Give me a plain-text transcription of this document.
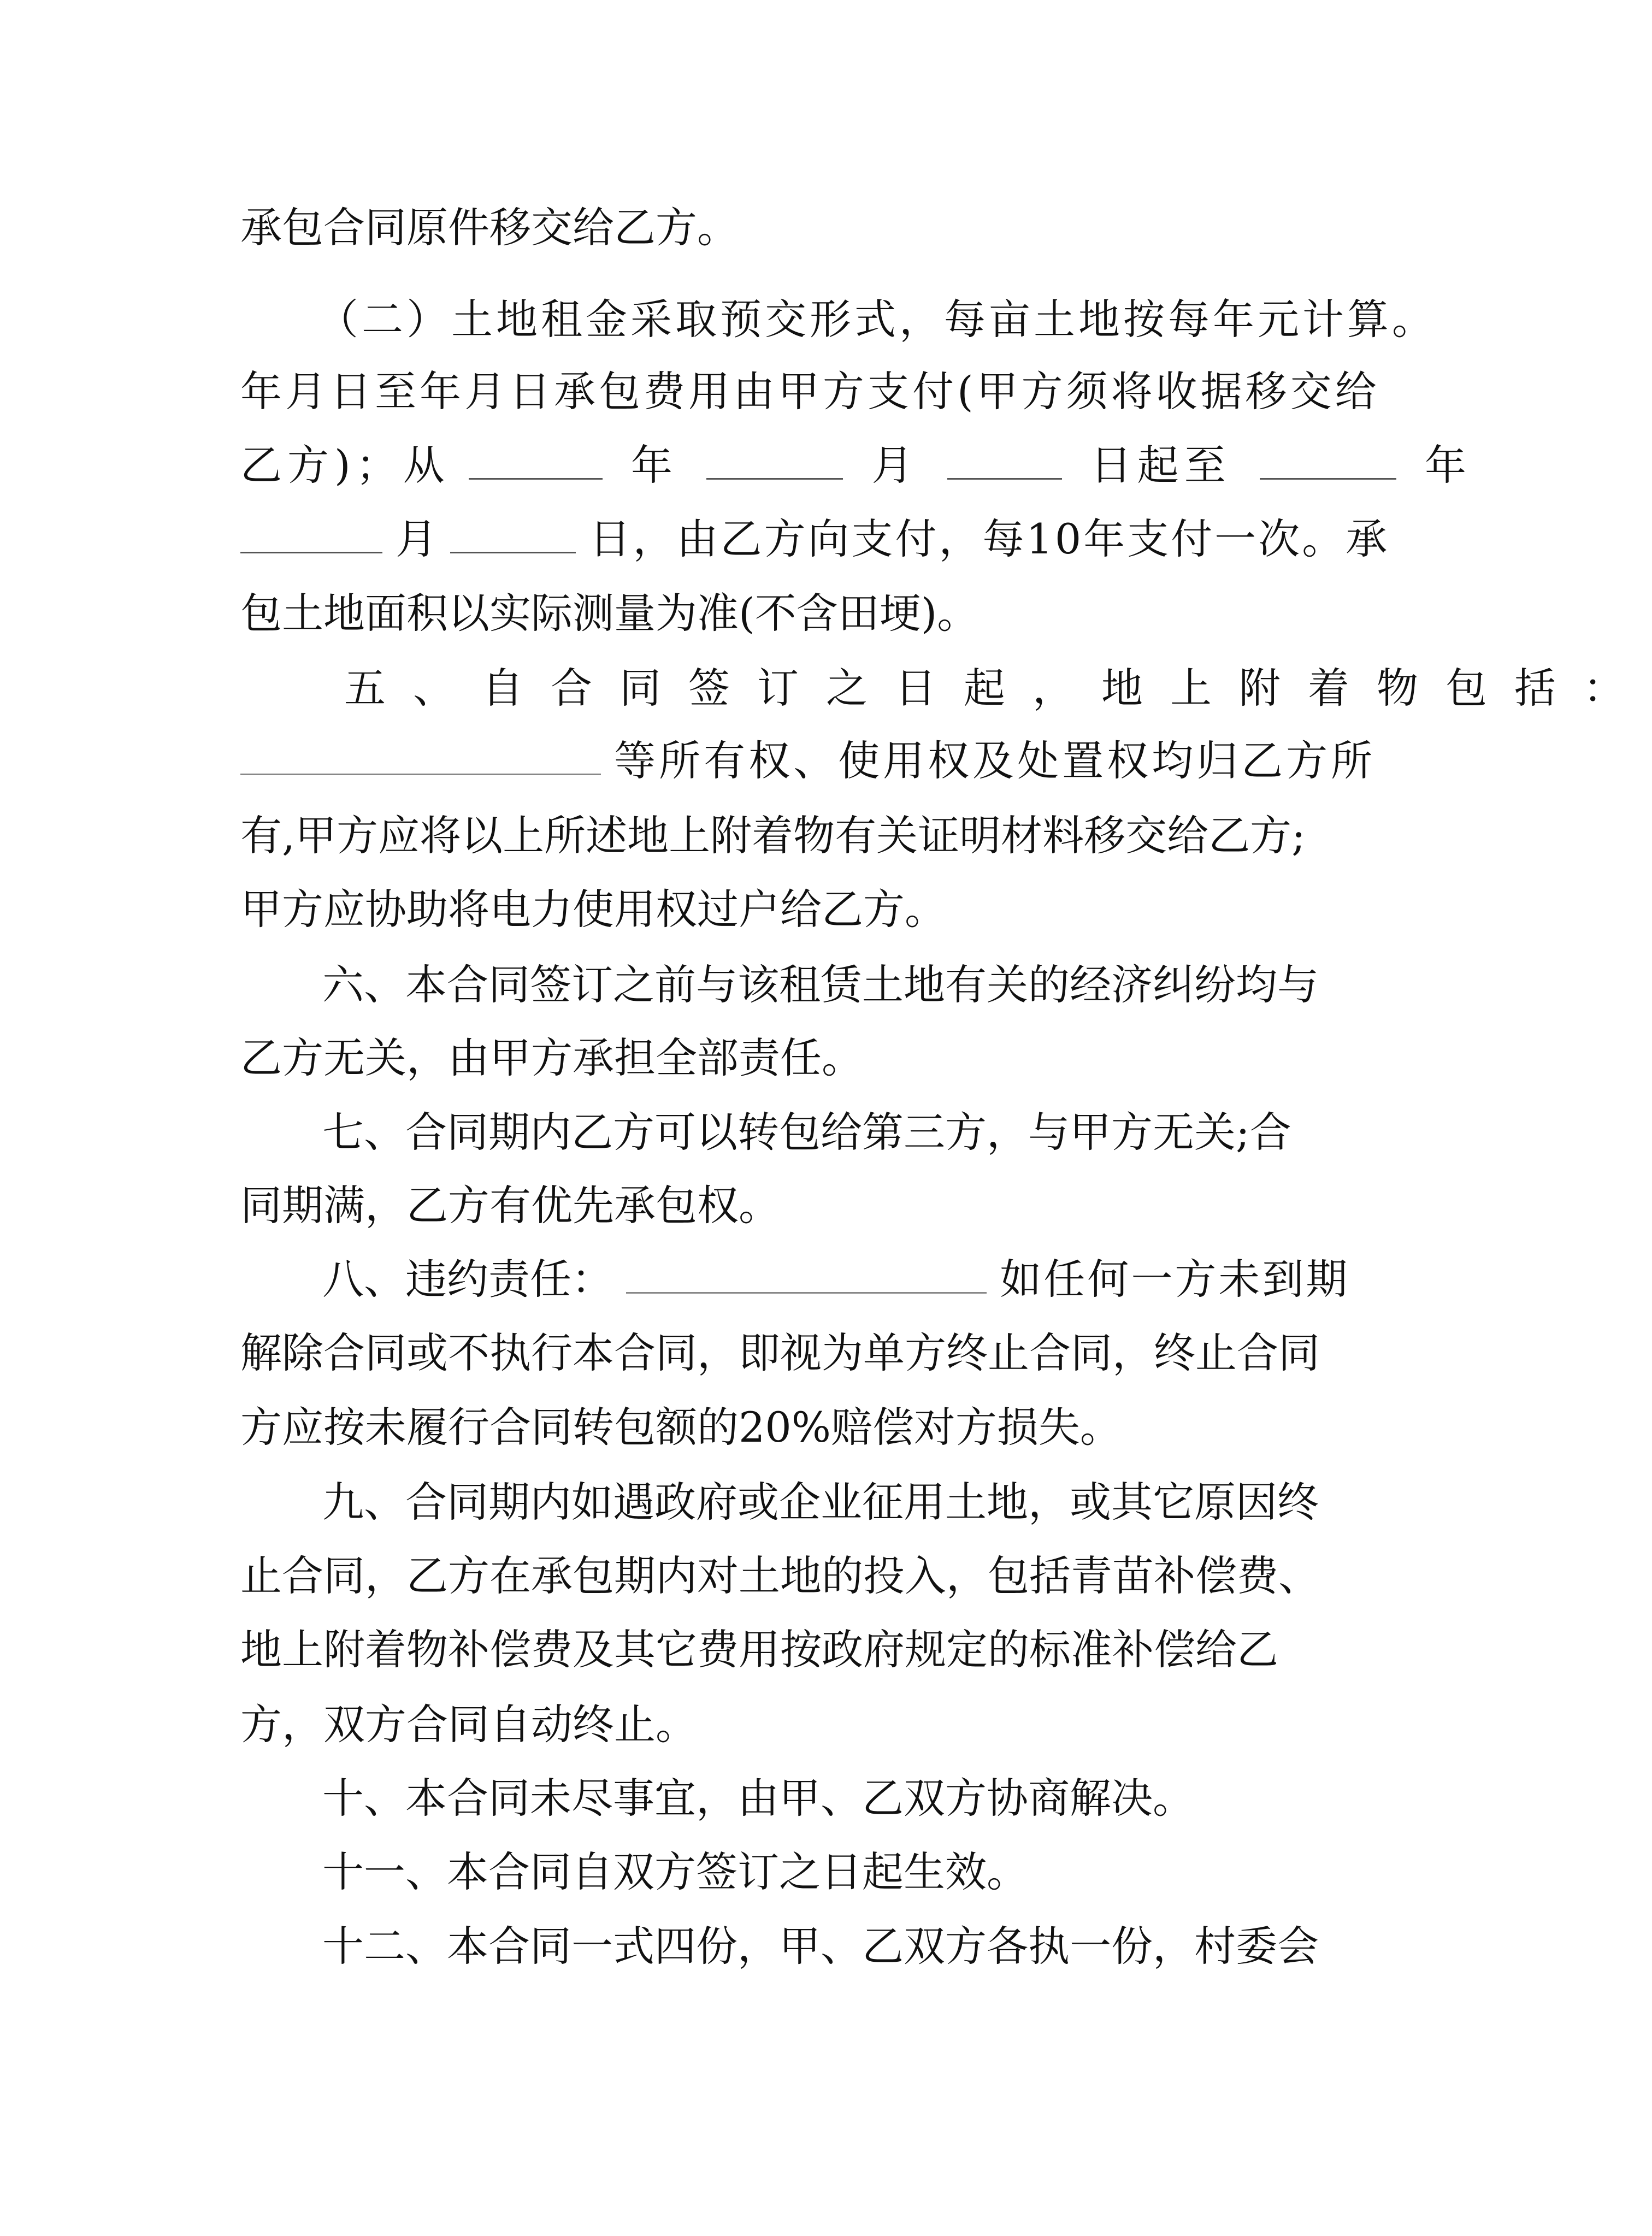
承包合同原件移交给乙方。
（二）土地租金采取预交形式，每亩土地按每年元计算。
年月日至年月日承包费用由甲方支付(甲方须将收据移交给
乙方)；从	年	月	日起至	年
月	日，由乙方向支付，每10年支付一次。承
包土地面积以实际测量为准(不含田埂)。
五、自合同签订之日起，地上附着物包括：
等所有权、使用权及处置权均归乙方所
有,甲方应将以上所述地上附着物有关证明材料移交给乙方;
甲方应协助将电力使用权过户给乙方。
六、本合同签订之前与该租赁土地有关的经济纠纷均与
乙方无关，由甲方承担全部责任。
七、合同期内乙方可以转包给第三方，与甲方无关;合
同期满，乙方有优先承包权。
八、违约责任：	如任何一方未到期
解除合同或不执行本合同，即视为单方终止合同，终止合同
方应按未履行合同转包额的20%赔偿对方损失。
九、合同期内如遇政府或企业征用土地，或其它原因终
止合同，乙方在承包期内对土地的投入，包括青苗补偿费、
地上附着物补偿费及其它费用按政府规定的标准补偿给乙
方，双方合同自动终止。
十、本合同未尽事宜，由甲、乙双方协商解决。
十一、本合同自双方签订之日起生效。
十二、本合同一式四份，甲、乙双方各执一份，村委会
